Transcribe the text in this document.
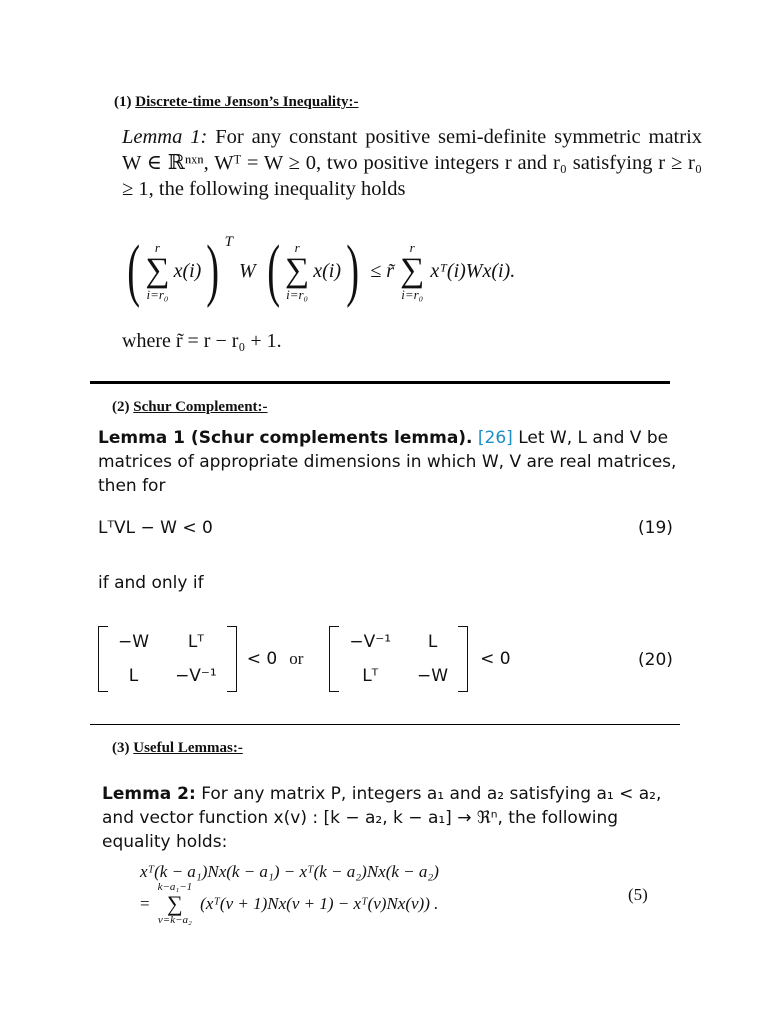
(1) Discrete-time Jenson’s Inequality:-

Lemma 1: For any constant positive semi-definite symmetric matrix W ∈ ℝⁿˣⁿ, Wᵀ = W ≥ 0, two positive integers r and r₀ satisfying r ≥ r₀ ≥ 1, the following inequality holds

( r
∑
i=r₀
x(i) ) T
W ( r
∑
i=r₀
x(i) ) ≤ r̃
r
∑
i=r₀
xᵀ(i)Wx(i).
where r̃ = r − r₀ + 1.
(2) Schur Complement:-

Lemma 1 (Schur complements lemma). [26] Let W, L and V be matrices of appropriate dimensions in which W, V are real matrices, then for

LᵀVL − W < 0	(19)
if and only if
−W Lᵀ
L −V⁻¹
< 0 or
−V⁻¹ L
Lᵀ −W
< 0	(20)
(3) Useful Lemmas:-

Lemma 2: For any matrix P, integers a₁ and a₂ satisfying a₁ < a₂, and vector function x(v) : [k − a₂, k − a₁] → ℜⁿ, the following equality holds:

xᵀ(k − a₁)Nx(k − a₁) − xᵀ(k − a₂)Nx(k − a₂)
=
k−a₁−1
∑
v=k−a₂
(xᵀ(v + 1)Nx(v + 1) − xᵀ(v)Nx(v)) .	(5)
